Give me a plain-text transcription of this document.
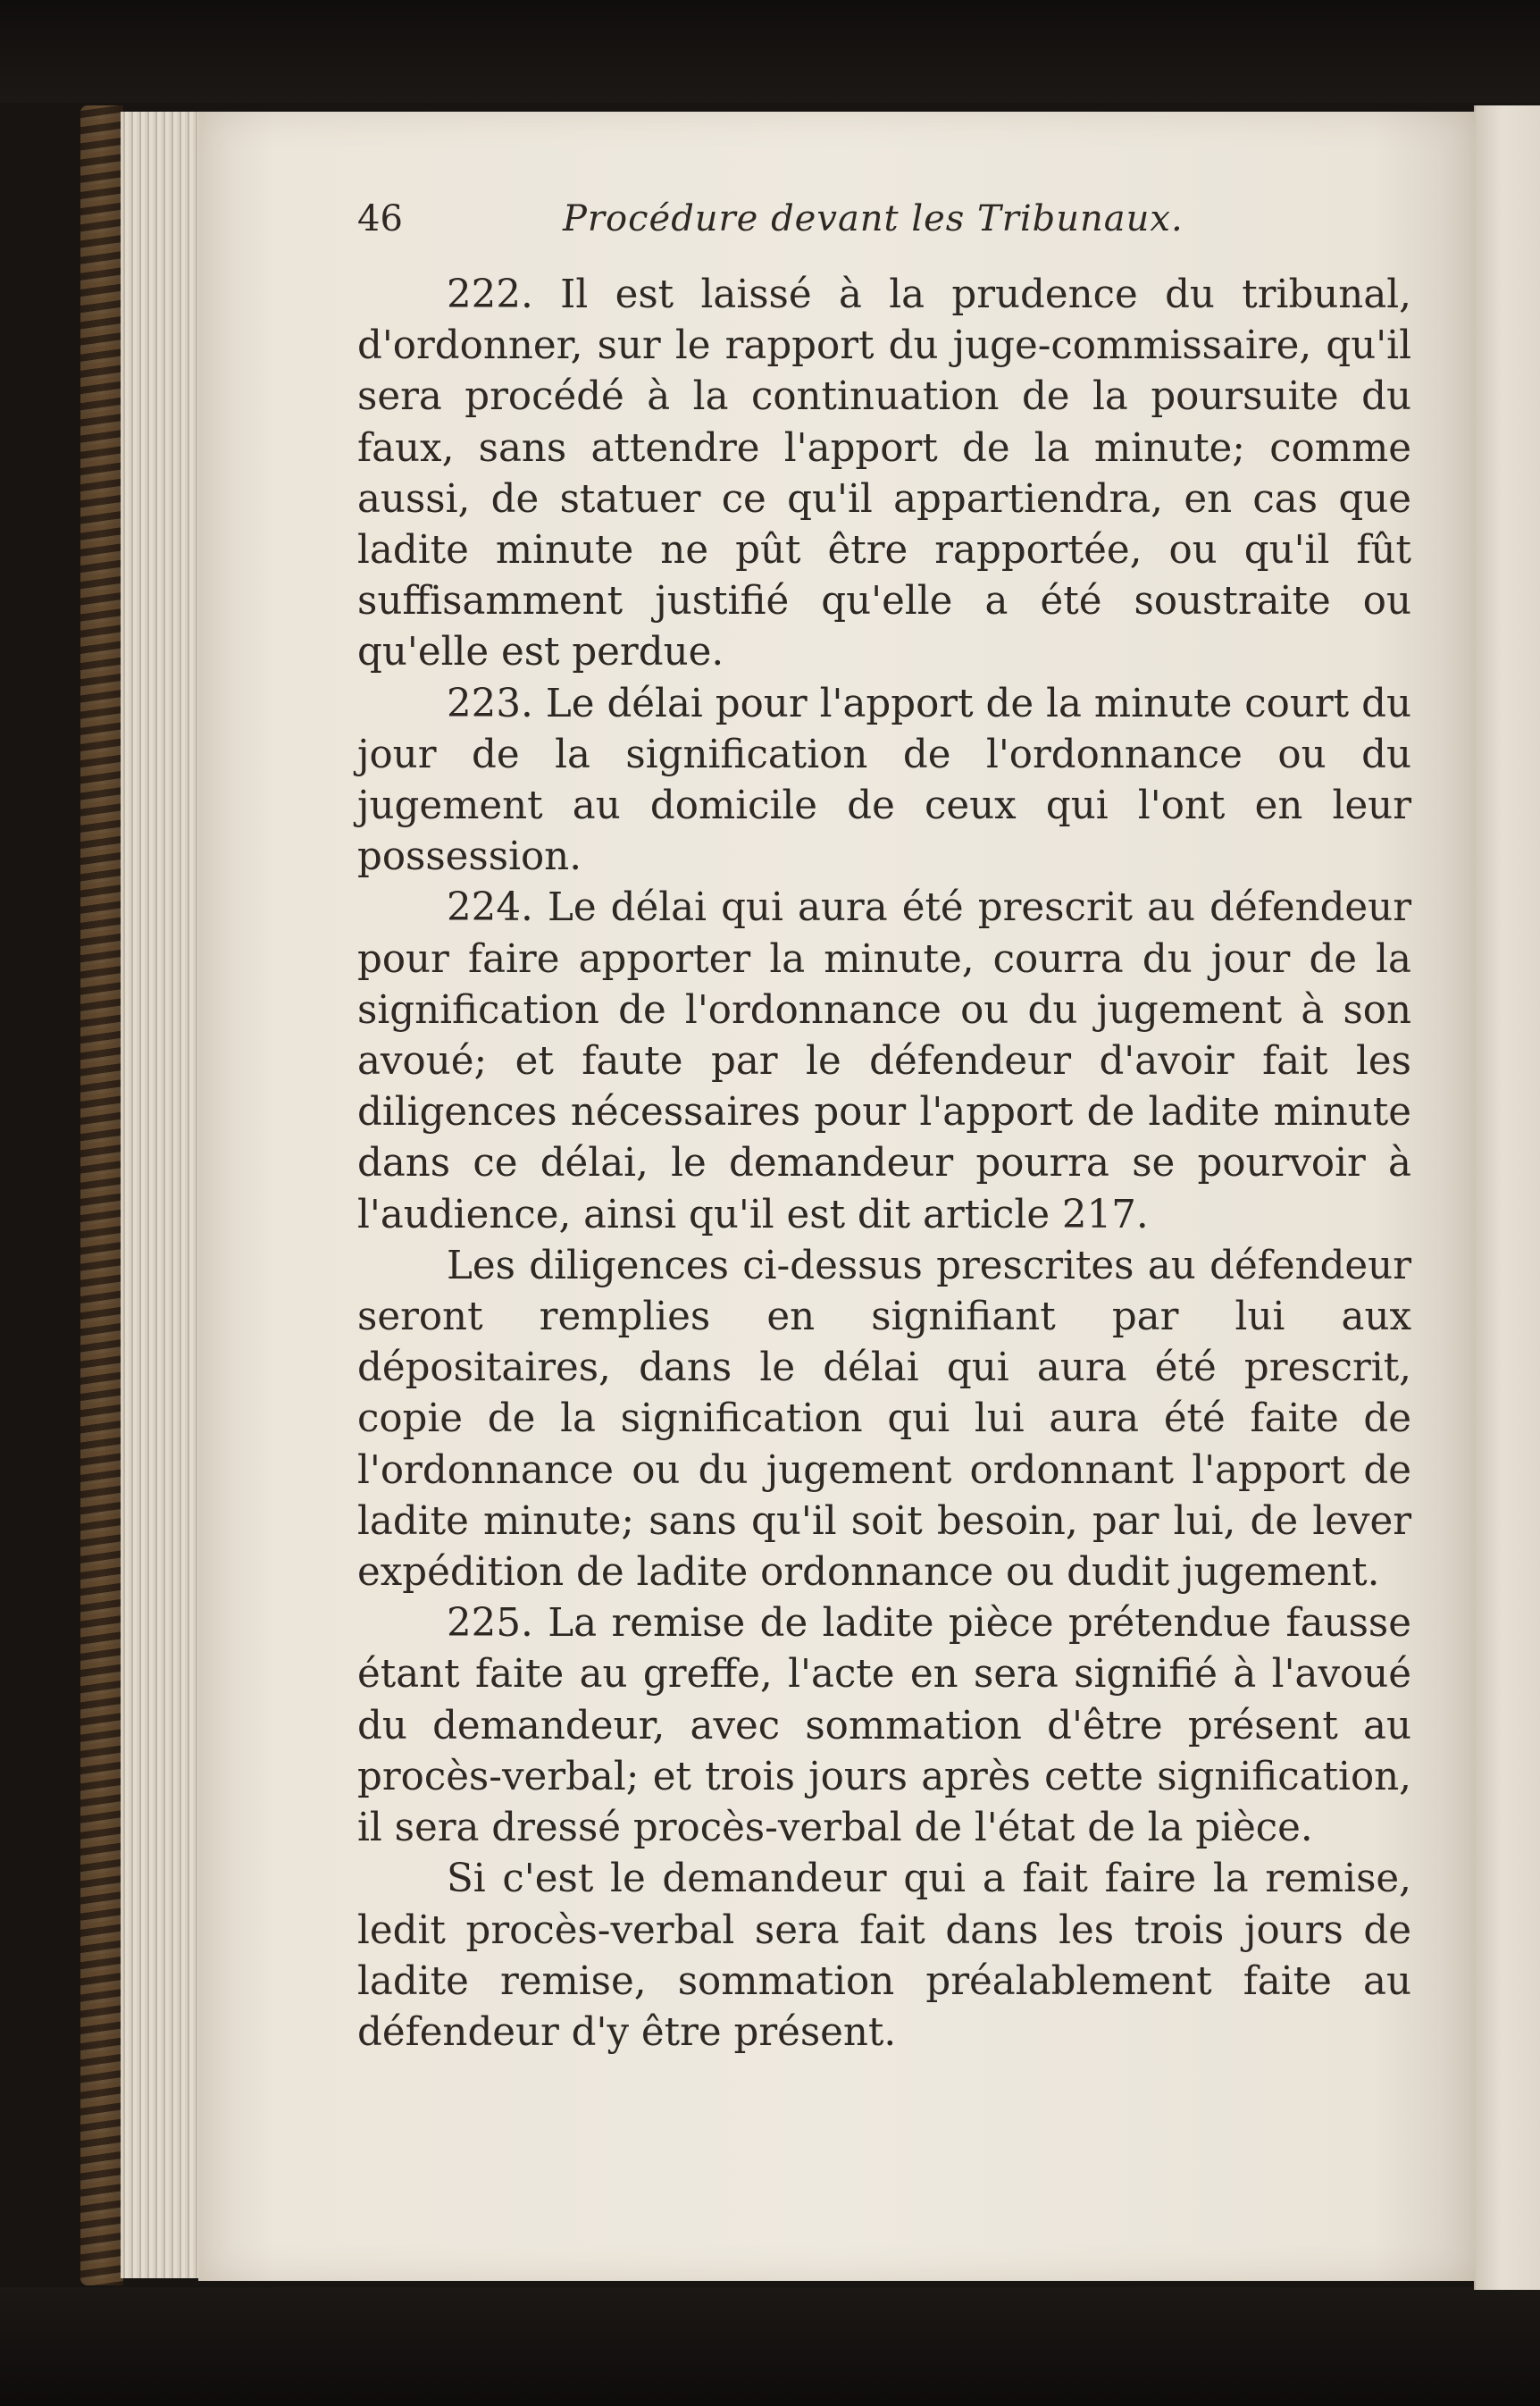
46	Procédure devant les Tribunaux.

222. Il est laissé à la prudence du tribunal, d'ordonner, sur le rapport du juge-commissaire, qu'il sera procédé à la continuation de la poursuite du faux, sans attendre l'apport de la minute; comme aussi, de statuer ce qu'il appartiendra, en cas que ladite minute ne pût être rapportée, ou qu'il fût suffisamment justifié qu'elle a été soustraite ou qu'elle est perdue.

223. Le délai pour l'apport de la minute court du jour de la signification de l'ordonnance ou du jugement au domicile de ceux qui l'ont en leur possession.

224. Le délai qui aura été prescrit au défendeur pour faire apporter la minute, courra du jour de la signification de l'ordonnance ou du jugement à son avoué; et faute par le défendeur d'avoir fait les diligences nécessaires pour l'apport de ladite minute dans ce délai, le demandeur pourra se pourvoir à l'audience, ainsi qu'il est dit article 217.

Les diligences ci-dessus prescrites au défendeur seront remplies en signifiant par lui aux dépositaires, dans le délai qui aura été prescrit, copie de la signification qui lui aura été faite de l'ordonnance ou du jugement ordonnant l'apport de ladite minute; sans qu'il soit besoin, par lui, de lever expédition de ladite ordonnance ou dudit jugement.

225. La remise de ladite pièce prétendue fausse étant faite au greffe, l'acte en sera signifié à l'avoué du demandeur, avec sommation d'être présent au procès-verbal; et trois jours après cette signification, il sera dressé procès-verbal de l'état de la pièce.

Si c'est le demandeur qui a fait faire la remise, ledit procès-verbal sera fait dans les trois jours de ladite remise, sommation préalablement faite au défendeur d'y être présent.
